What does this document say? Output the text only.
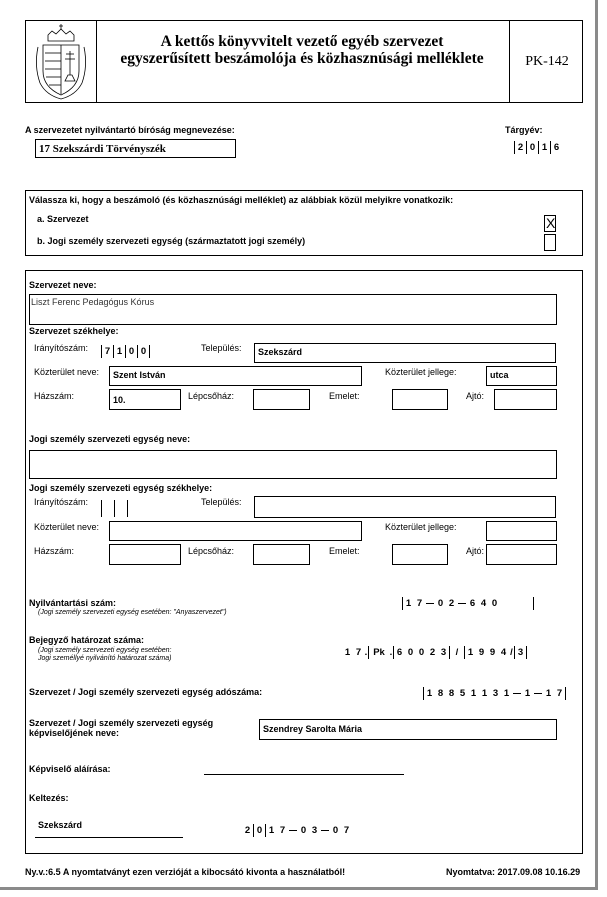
A kettős könyvvitelt vezető egyéb szervezet
egyszerűsített beszámolója és közhasznúsági melléklete	PK-142
A szervezetet nyilvántartó bíróság megnevezése:	Tárgyév:
17 Szekszárdi Törvényszék	2 0 1 6
Válassza ki, hogy a beszámoló (és közhasznúsági melléklet) az alábbiak közül melyikre vonatkozik:
a. Szervezet	X
b. Jogi személy szervezeti egység (származtatott jogi személy)
Szervezet neve:
Liszt Ferenc Pedagógus Kórus
Szervezet székhelye:
Irányítószám:	7 1 0 0	Település: Szekszárd
Közterület neve: Szent István	Közterület jellege:	utca
Házszám:	10.	Lépcsőház:	Emelet:	Ajtó:
Jogi személy szervezeti egység neve:
Jogi személy szervezeti egység székhelye:
Irányítószám:	Település:
Közterület neve:	Közterület jellege:
Házszám:	Lépcsőház:	Emelet:	Ajtó:
Nyilvántartási szám:
(Jogi személy szervezeti egység esetében: "Anyaszervezet")
1 7 0 2 6 4 0
Bejegyző határozat száma:
(Jogi személy szervezeti egység esetében:
Jogi személlyé nyilvánító határozat száma)
1 7 . Pk . 6 0 0 2 3 / 1 9 9 4 / 3
Szervezet / Jogi személy szervezeti egység adószáma:	1 8 8 5 1 1 3 1 1 1 7
Szervezet / Jogi személy szervezeti egység
képviselőjének neve:	Szendrey Sarolta Mária
Képviselő aláírása:
Keltezés:
Szekszárd
2 0 1 7 0 3 0 7
Ny.v.:6.5 A nyomtatványt ezen verzióját a kibocsátó kivonta a használatból!	Nyomtatva: 2017.09.08 10.16.29
